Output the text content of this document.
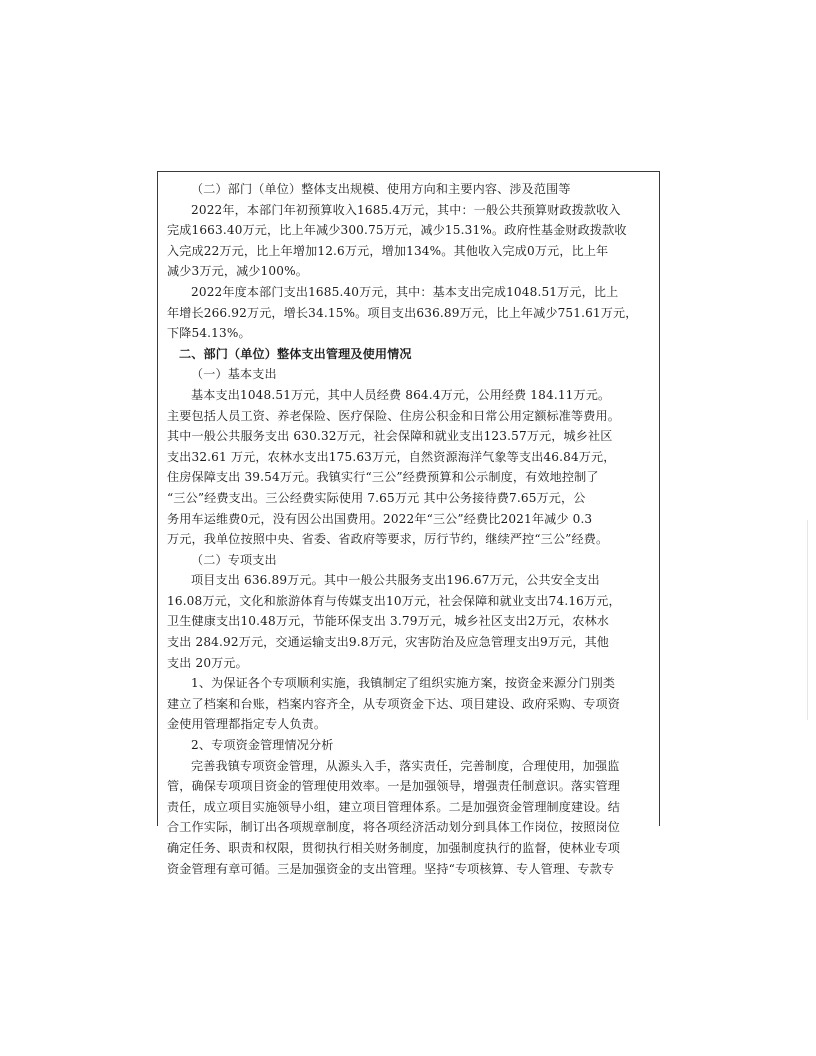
（二）部门（单位）整体支出规模、使用方向和主要内容、涉及范围等
2022年，本部门年初预算收入1685.4万元，其中：一般公共预算财政拨款收入
完成1663.40万元，比上年减少300.75万元，减少15.31%。政府性基金财政拨款收
入完成22万元，比上年增加12.6万元，增加134%。其他收入完成0万元，比上年
减少3万元，减少100%。
2022年度本部门支出1685.40万元，其中：基本支出完成1048.51万元，比上
年增长266.92万元，增长34.15%。项目支出636.89万元，比上年减少751.61万元，
下降54.13%。
二、部门（单位）整体支出管理及使用情况
（一）基本支出
基本支出1048.51万元，其中人员经费 864.4万元，公用经费 184.11万元。
主要包括人员工资、养老保险、医疗保险、住房公积金和日常公用定额标准等费用。
其中一般公共服务支出 630.32万元，社会保障和就业支出123.57万元，城乡社区
支出32.61 万元，农林水支出175.63万元，自然资源海洋气象等支出46.84万元，
住房保障支出 39.54万元。我镇实行“三公”经费预算和公示制度，有效地控制了
“三公”经费支出。三公经费实际使用 7.65万元 其中公务接待费7.65万元，公
务用车运维费0元，没有因公出国费用。2022年“三公”经费比2021年减少 0.3
万元，我单位按照中央、省委、省政府等要求，厉行节约，继续严控“三公”经费。
（二）专项支出
项目支出 636.89万元。其中一般公共服务支出196.67万元，公共安全支出
16.08万元，文化和旅游体育与传媒支出10万元，社会保障和就业支出74.16万元，
卫生健康支出10.48万元，节能环保支出 3.79万元，城乡社区支出2万元，农林水
支出 284.92万元，交通运输支出9.8万元，灾害防治及应急管理支出9万元，其他
支出 20万元。
1、为保证各个专项顺利实施，我镇制定了组织实施方案，按资金来源分门别类
建立了档案和台账，档案内容齐全，从专项资金下达、项目建设、政府采购、专项资
金使用管理都指定专人负责。
2、专项资金管理情况分析
完善我镇专项资金管理，从源头入手，落实责任，完善制度，合理使用，加强监
管，确保专项项目资金的管理使用效率。一是加强领导，增强责任制意识。落实管理
责任，成立项目实施领导小组，建立项目管理体系。二是加强资金管理制度建设。结
合工作实际，制订出各项规章制度，将各项经济活动划分到具体工作岗位，按照岗位
确定任务、职责和权限，贯彻执行相关财务制度，加强制度执行的监督，使林业专项
资金管理有章可循。三是加强资金的支出管理。坚持“专项核算、专人管理、专款专
